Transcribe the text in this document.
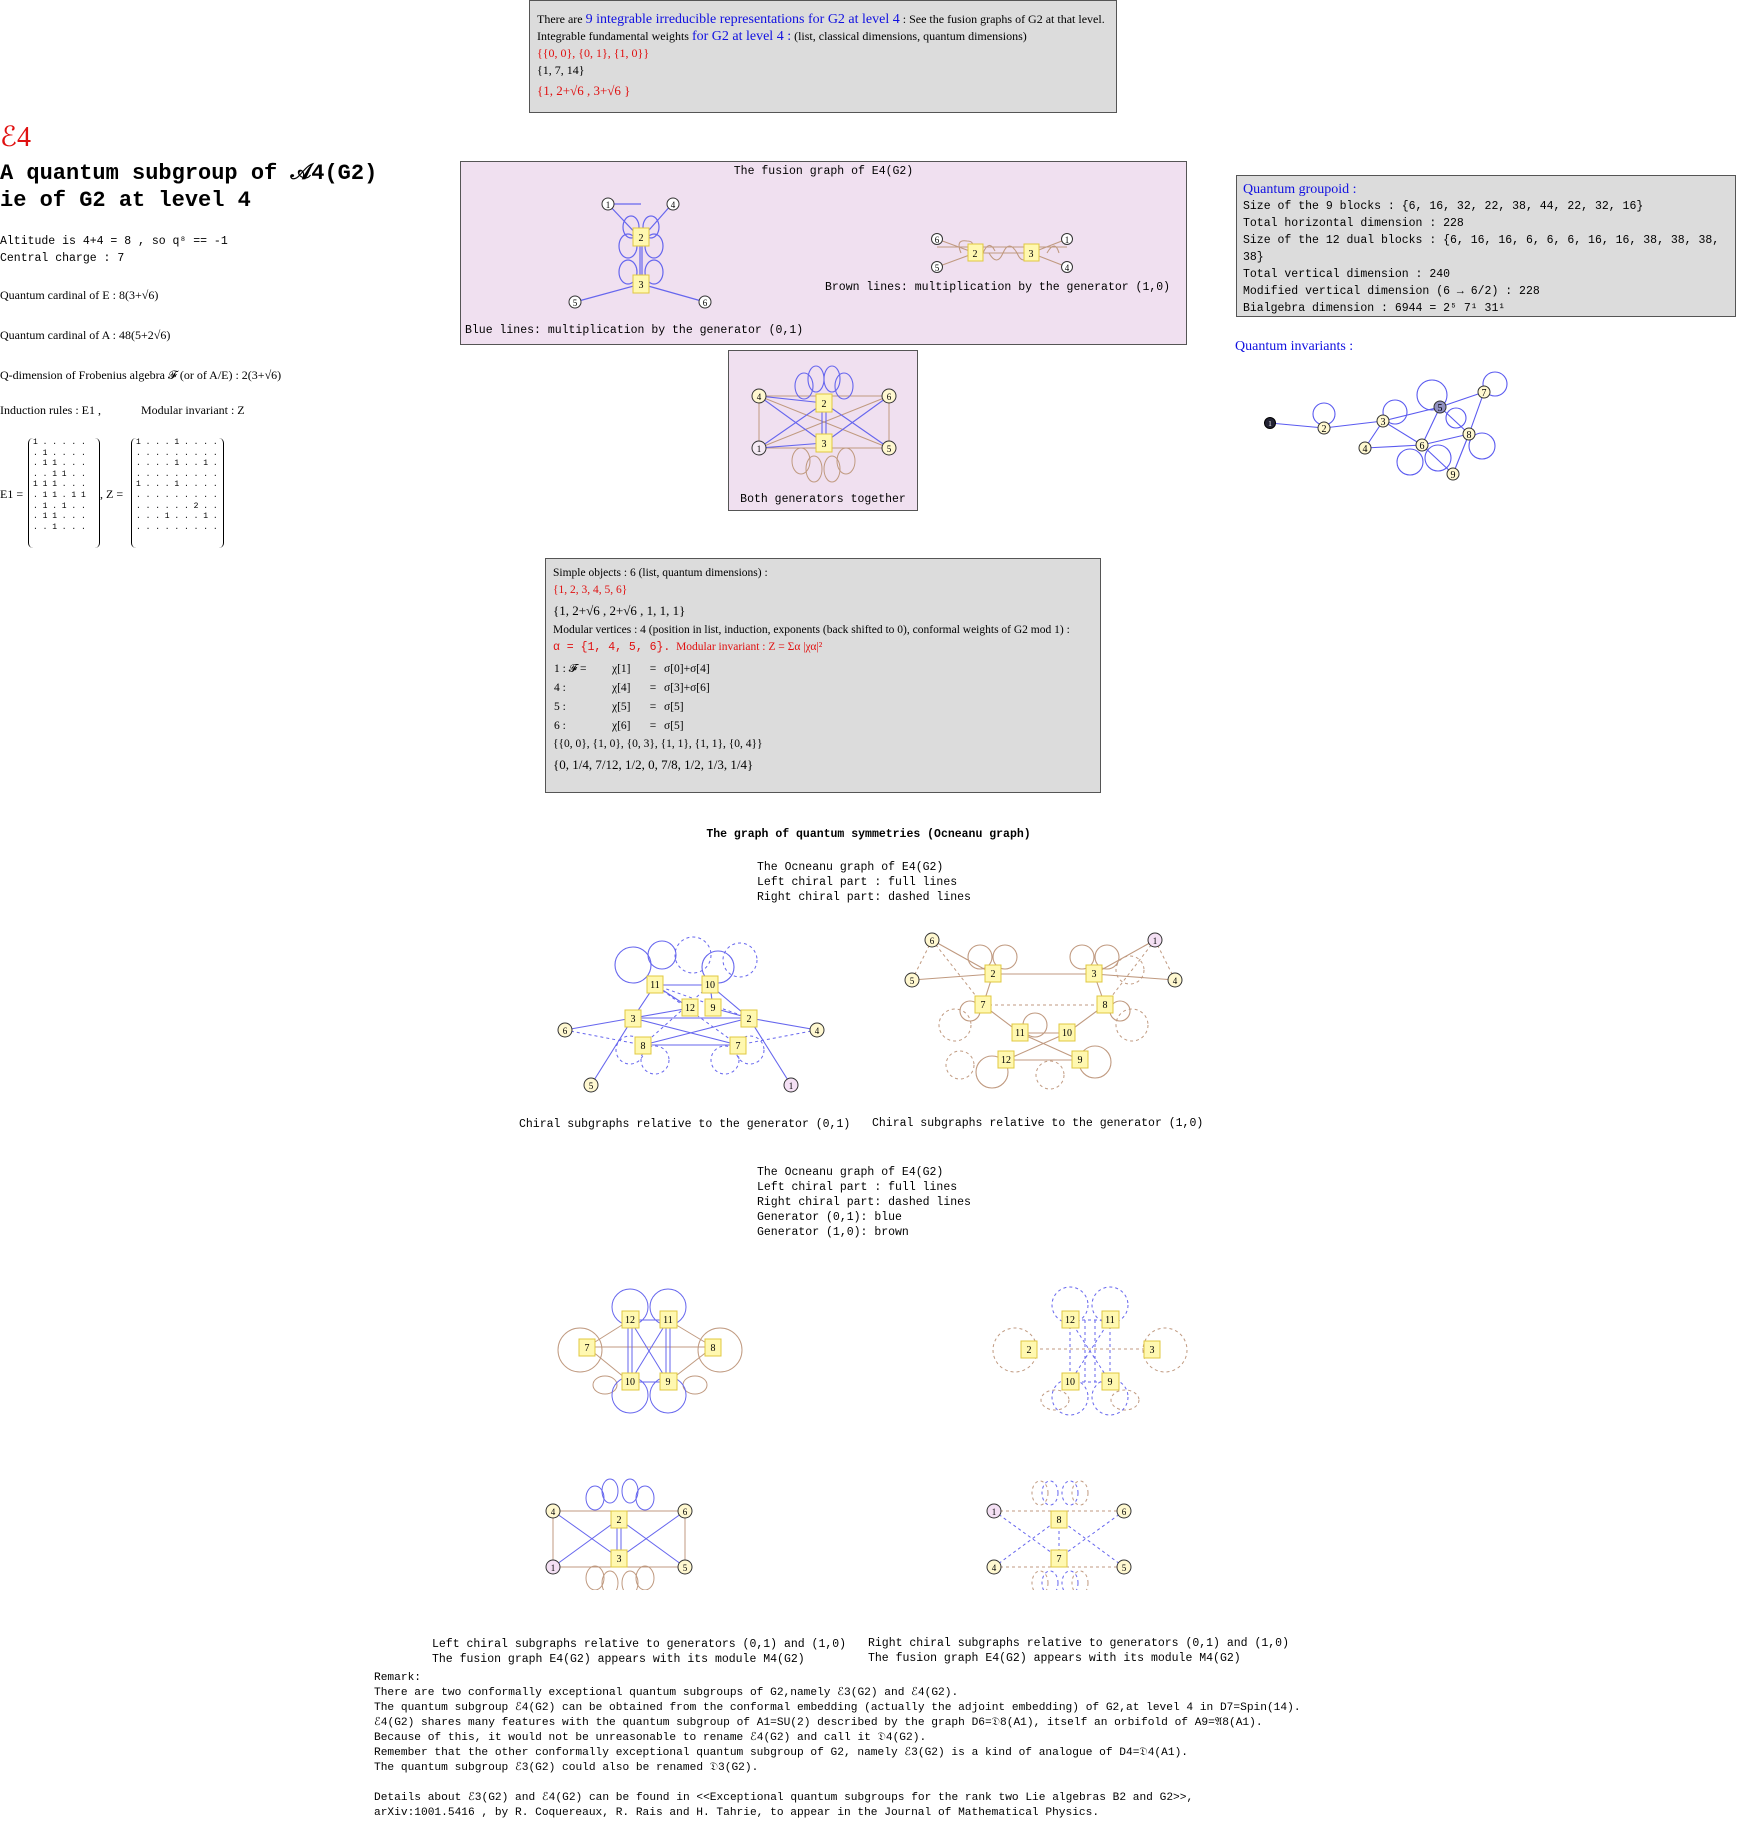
There are 9 integrable irreducible representations for G2 at level 4 : See the fusion graphs of G2 at that level.
Integrable fundamental weights for G2 at level 4 : (list, classical dimensions, quantum dimensions)
{{0, 0}, {0, 1}, {1, 0}}
{1, 7, 14}
{1, 2+√6 , 3+√6 }
ℰ4
A quantum subgroup of 𝒜4(G2)
ie of G2 at level 4
Altitude is 4+4 = 8 , so q⁸ == -1
Central charge : 7
Quantum cardinal of E : 8(3+√6)
Quantum cardinal of A : 48(5+2√6)
Q-dimension of Frobenius algebra 𝓕 (or of A/E) : 2(3+√6)
Induction rules : E1 ,	Modular invariant : Z
E1 =
1 . . . . .
. 1 . . . .
. 1 1 . . .
. . 1 1 . .
1 1 1 . . .
. 1 1 . 1 1
. 1 . 1 . .
. 1 1 . . .
. . 1 . . .
, Z =
1 . . . 1 . . . .
. . . . . . . . .
. . . . 1 . . 1 .
. . . . . . . . .
1 . . . 1 . . . .
. . . . . . . . .
. . . . . . 2 . .
. . . 1 . . . 1 .
. . . . . . . . .
The fusion graph of E4(G2)
1	4
2
3
5	6
6
5
2	3
1
4
Brown lines: multiplication by the generator (1,0)
Blue lines: multiplication by the generator (0,1)
4	6
1	5
2
3
Both generators together
Quantum groupoid :
Size of the 9 blocks : {6, 16, 32, 22, 38, 44, 22, 32, 16}
Total horizontal dimension : 228
Size of the 12 dual blocks : {6, 16, 16, 6, 6, 6, 16, 16, 38, 38, 38, 38}
Total vertical dimension : 240
Modified vertical dimension (6 → 6/2) : 228
Bialgebra dimension : 6944 = 2⁵ 7¹ 31¹
Quantum invariants :
1	2
3
4
5
6
7
8
9
Simple objects : 6 (list, quantum dimensions) :
{1, 2, 3, 4, 5, 6}
{1, 2+√6 , 2+√6 , 1, 1, 1}
Modular vertices : 4 (position in list, induction, exponents (back shifted to 0), conformal weights of G2 mod 1) :
α = {1, 4, 5, 6}. Modular invariant : Z = Σα |χα|²
1 : 𝓕 =	χ[1]	=	σ[0]+σ[4]
4 :	χ[4]	=	σ[3]+σ[6]
5 :	χ[5]	=	σ[5]
6 :	χ[6]	=	σ[5]
{{0, 0}, {1, 0}, {0, 3}, {1, 1}, {1, 1}, {0, 4}}
{0, 1/4, 7/12, 1/2, 0, 7/8, 1/2, 1/3, 1/4}
The graph of quantum symmetries (Ocneanu graph)
The Ocneanu graph of E4(G2)
Left chiral part : full lines
Right chiral part: dashed lines
11	10
12 9
3	2
8	7
6	4
5	1
2	3
7	8
11	10
12	9
6
5
1
4
Chiral subgraphs relative to the generator (0,1) Chiral subgraphs relative to the generator (1,0)
The Ocneanu graph of E4(G2)
Left chiral part : full lines
Right chiral part: dashed lines
Generator (0,1): blue
Generator (1,0): brown
12	11
7	8
10	9
12	11
2	3
10	9
4	6
1	5
2
3
1	6
4	5
8
7
Left chiral subgraphs relative to generators (0,1) and (1,0)
The fusion graph E4(G2) appears with its module M4(G2)
Right chiral subgraphs relative to generators (0,1) and (1,0)
The fusion graph E4(G2) appears with its module M4(G2)
Remark:
There are two conformally exceptional quantum subgroups of G2,namely ℰ3(G2) and ℰ4(G2).
The quantum subgroup ℰ4(G2) can be obtained from the conformal embedding (actually the adjoint embedding) of G2,at level 4 in D7=Spin(14).
ℰ4(G2) shares many features with the quantum subgroup of A1=SU(2) described by the graph D6=𝔇8(A1), itself an orbifold of A9=𝔄8(A1).
Because of this, it would not be unreasonable to rename ℰ4(G2) and call it 𝔇4(G2).
Remember that the other conformally exceptional quantum subgroup of G2, namely ℰ3(G2) is a kind of analogue of D4=𝔇4(A1).
The quantum subgroup ℰ3(G2) could also be renamed 𝔇3(G2).
Details about ℰ3(G2) and ℰ4(G2) can be found in <<Exceptional quantum subgroups for the rank two Lie algebras B2 and G2>>,
arXiv:1001.5416 , by R. Coquereaux, R. Rais and H. Tahrie, to appear in the Journal of Mathematical Physics.
